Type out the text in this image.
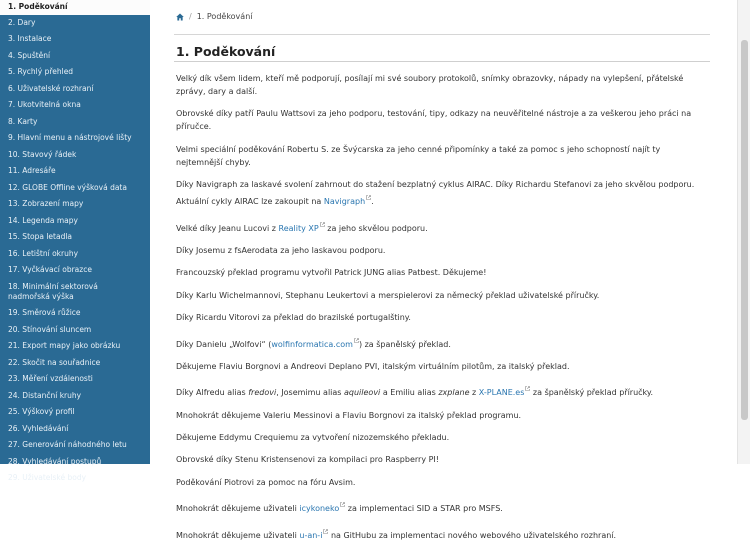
1. Poděkování
2. Dary
3. Instalace
4. Spuštění
5. Rychlý přehled
6. Uživatelské rozhraní
7. Ukotvitelná okna
8. Karty
9. Hlavní menu a nástrojové lišty
10. Stavový řádek
11. Adresáře
12. GLOBE Offline výšková data
13. Zobrazení mapy
14. Legenda mapy
15. Stopa letadla
16. Letištní okruhy
17. Vyčkávací obrazce
18. Minimální sektorová nadmořská výška
19. Směrová růžice
20. Stínování sluncem
21. Export mapy jako obrázku
22. Skočit na souřadnice
23. Měření vzdálenosti
24. Distanční kruhy
25. Výškový profil
26. Vyhledávání
27. Generování náhodného letu
28. Vyhledávání postupů
29. Uživatelské body
/ 1. Poděkování
1. Poděkování

Velký dík všem lidem, kteří mě podporují, posílají mi své soubory protokolů, snímky obrazovky, nápady na vylepšení, přátelské zprávy, dary a další.

Obrovské díky patří Paulu Wattsovi za jeho podporu, testování, tipy, odkazy na neuvěřitelné nástroje a za veškerou jeho práci na příručce.

Velmi speciální poděkování Robertu S. ze Švýcarska za jeho cenné připomínky a také za pomoc s jeho schopností najít ty nejtemnější chyby.

Díky Navigraph za laskavé svolení zahrnout do stažení bezplatný cyklus AIRAC. Díky Richardu Stefanovi za jeho skvělou podporu. Aktuální cykly AIRAC lze zakoupit na Navigraph .

Velké díky Jeanu Lucovi z Reality XP za jeho skvělou podporu.

Díky Josemu z fsAerodata za jeho laskavou podporu.

Francouzský překlad programu vytvořil Patrick JUNG alias Patbest. Děkujeme!

Díky Karlu Wichelmannovi, Stephanu Leukertovi a merspielerovi za německý překlad uživatelské příručky.

Díky Ricardu Vitorovi za překlad do brazilské portugalštiny.

Díky Danielu „Wolfovi“ (wolfinformatica.com ) za španělský překlad.

Děkujeme Flaviu Borgnovi a Andreovi Deplano PVI, italským virtuálním pilotům, za italský překlad.

Díky Alfredu alias fredovi, Josemimu alias aquileovi a Emiliu alias zxplane z X-PLANE.es za španělský překlad příručky.

Mnohokrát děkujeme Valeriu Messinovi a Flaviu Borgnovi za italský překlad programu.

Děkujeme Eddymu Crequiemu za vytvoření nizozemského překladu.

Obrovské díky Stenu Kristensenovi za kompilaci pro Raspberry PI!

Poděkování Piotrovi za pomoc na fóru Avsim.

Mnohokrát děkujeme uživateli icykoneko za implementaci SID a STAR pro MSFS.

Mnohokrát děkujeme uživateli u-an-i na GitHubu za implementaci nového webového uživatelského rozhraní.
